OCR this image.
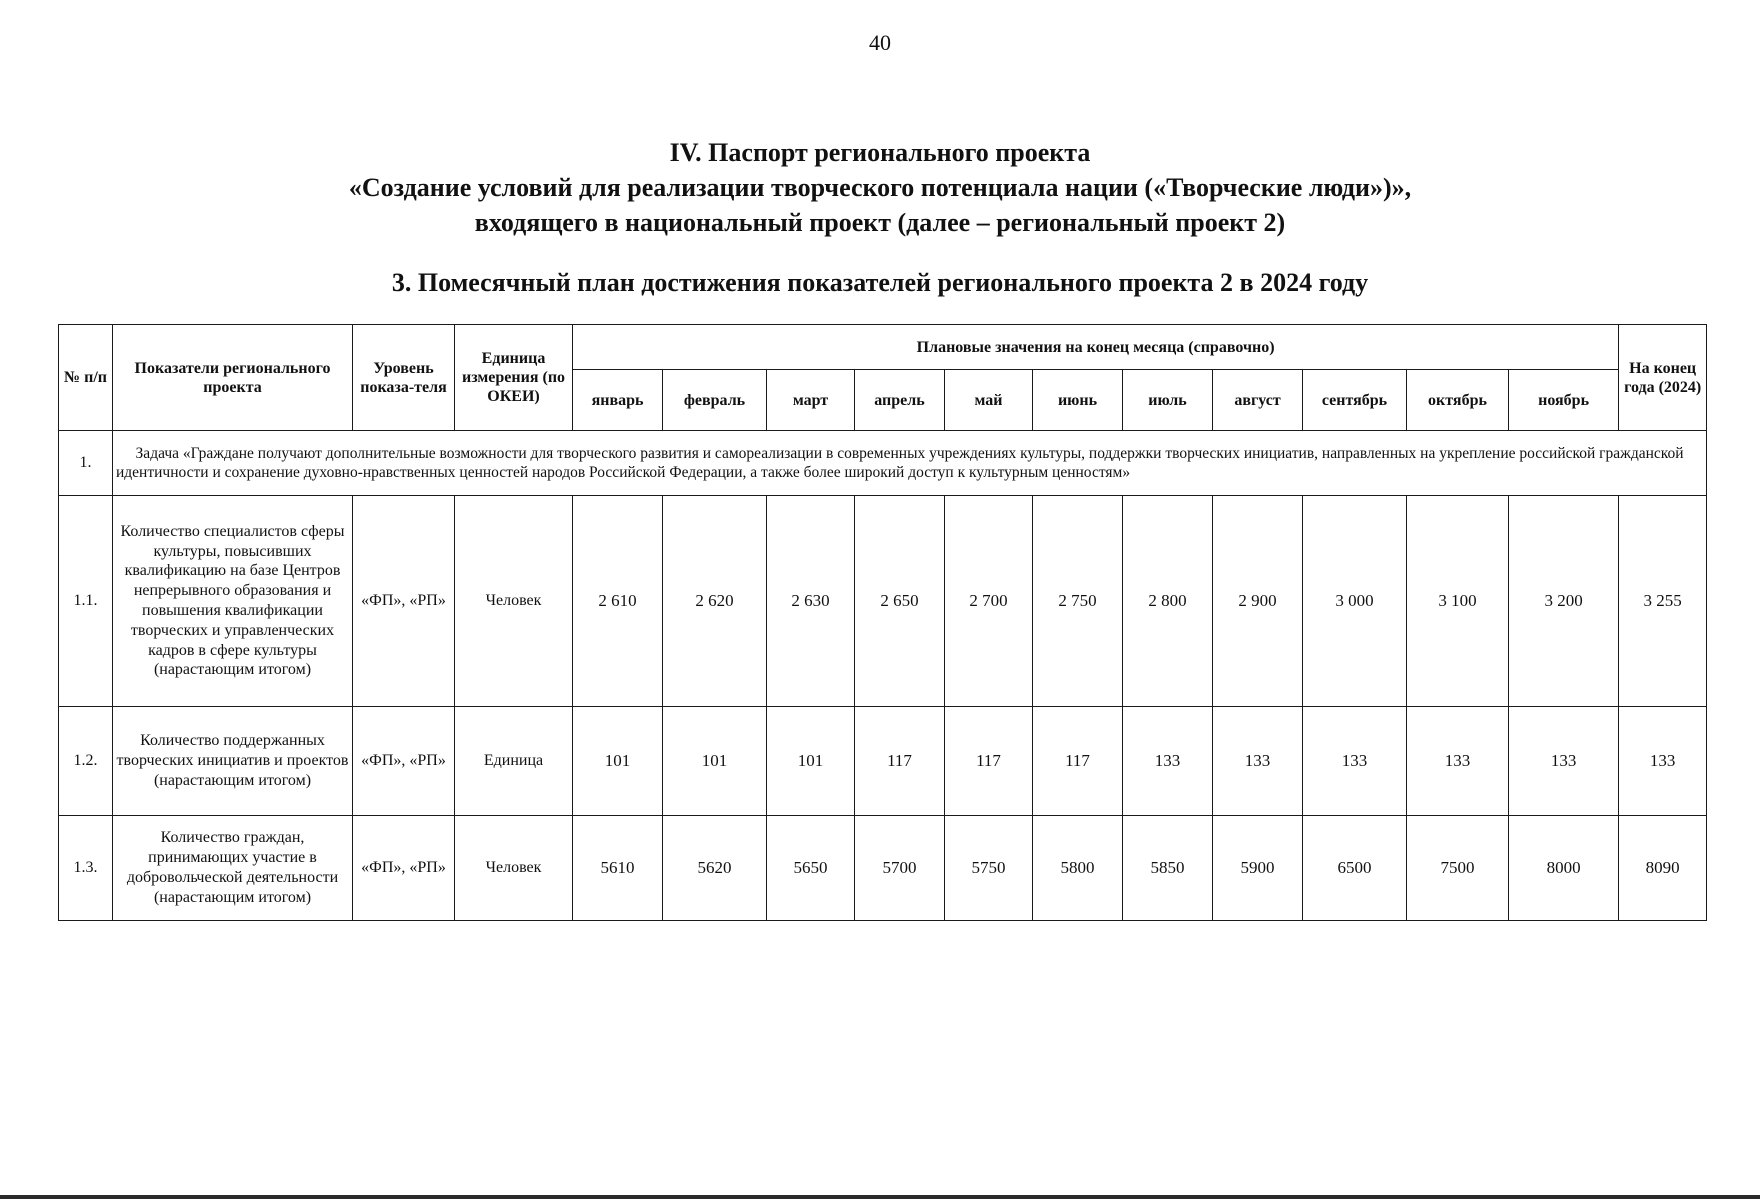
40
IV. Паспорт регионального проекта
«Создание условий для реализации творческого потенциала нации («Творческие люди»)»,
входящего в национальный проект (далее – региональный проект 2)
3. Помесячный план достижения показателей регионального проекта 2 в 2024 году
№ п/п	Показатели регионального проекта	Уровень показа-теля	Единица измерения (по ОКЕИ)	Плановые значения на конец месяца (справочно)											На конец года (2024)
				январь	февраль	март	апрель	май	июнь	июль	август	сентябрь	октябрь	ноябрь	
1.	Задача «Граждане получают дополнительные возможности для творческого развития и самореализации в современных учреждениях культуры, поддержки творческих инициатив, направленных на укрепление российской гражданской идентичности и сохранение духовно-нравственных ценностей народов Российской Федерации, а также более широкий доступ к культурным ценностям»														
1.1.	Количество специалистов сферы культуры, повысивших квалификацию на базе Центров непрерывного образования и повышения квалификации творческих и управленческих кадров в сфере культуры (нарастающим итогом)	«ФП», «РП»	Человек	2 610	2 620	2 630	2 650	2 700	2 750	2 800	2 900	3 000	3 100	3 200	3 255
1.2.	Количество поддержанных творческих инициатив и проектов (нарастающим итогом)	«ФП», «РП»	Единица	101	101	101	117	117	117	133	133	133	133	133	133
1.3.	Количество граждан, принимающих участие в добровольческой деятельности (нарастающим итогом)	«ФП», «РП»	Человек	5610	5620	5650	5700	5750	5800	5850	5900	6500	7500	8000	8090
